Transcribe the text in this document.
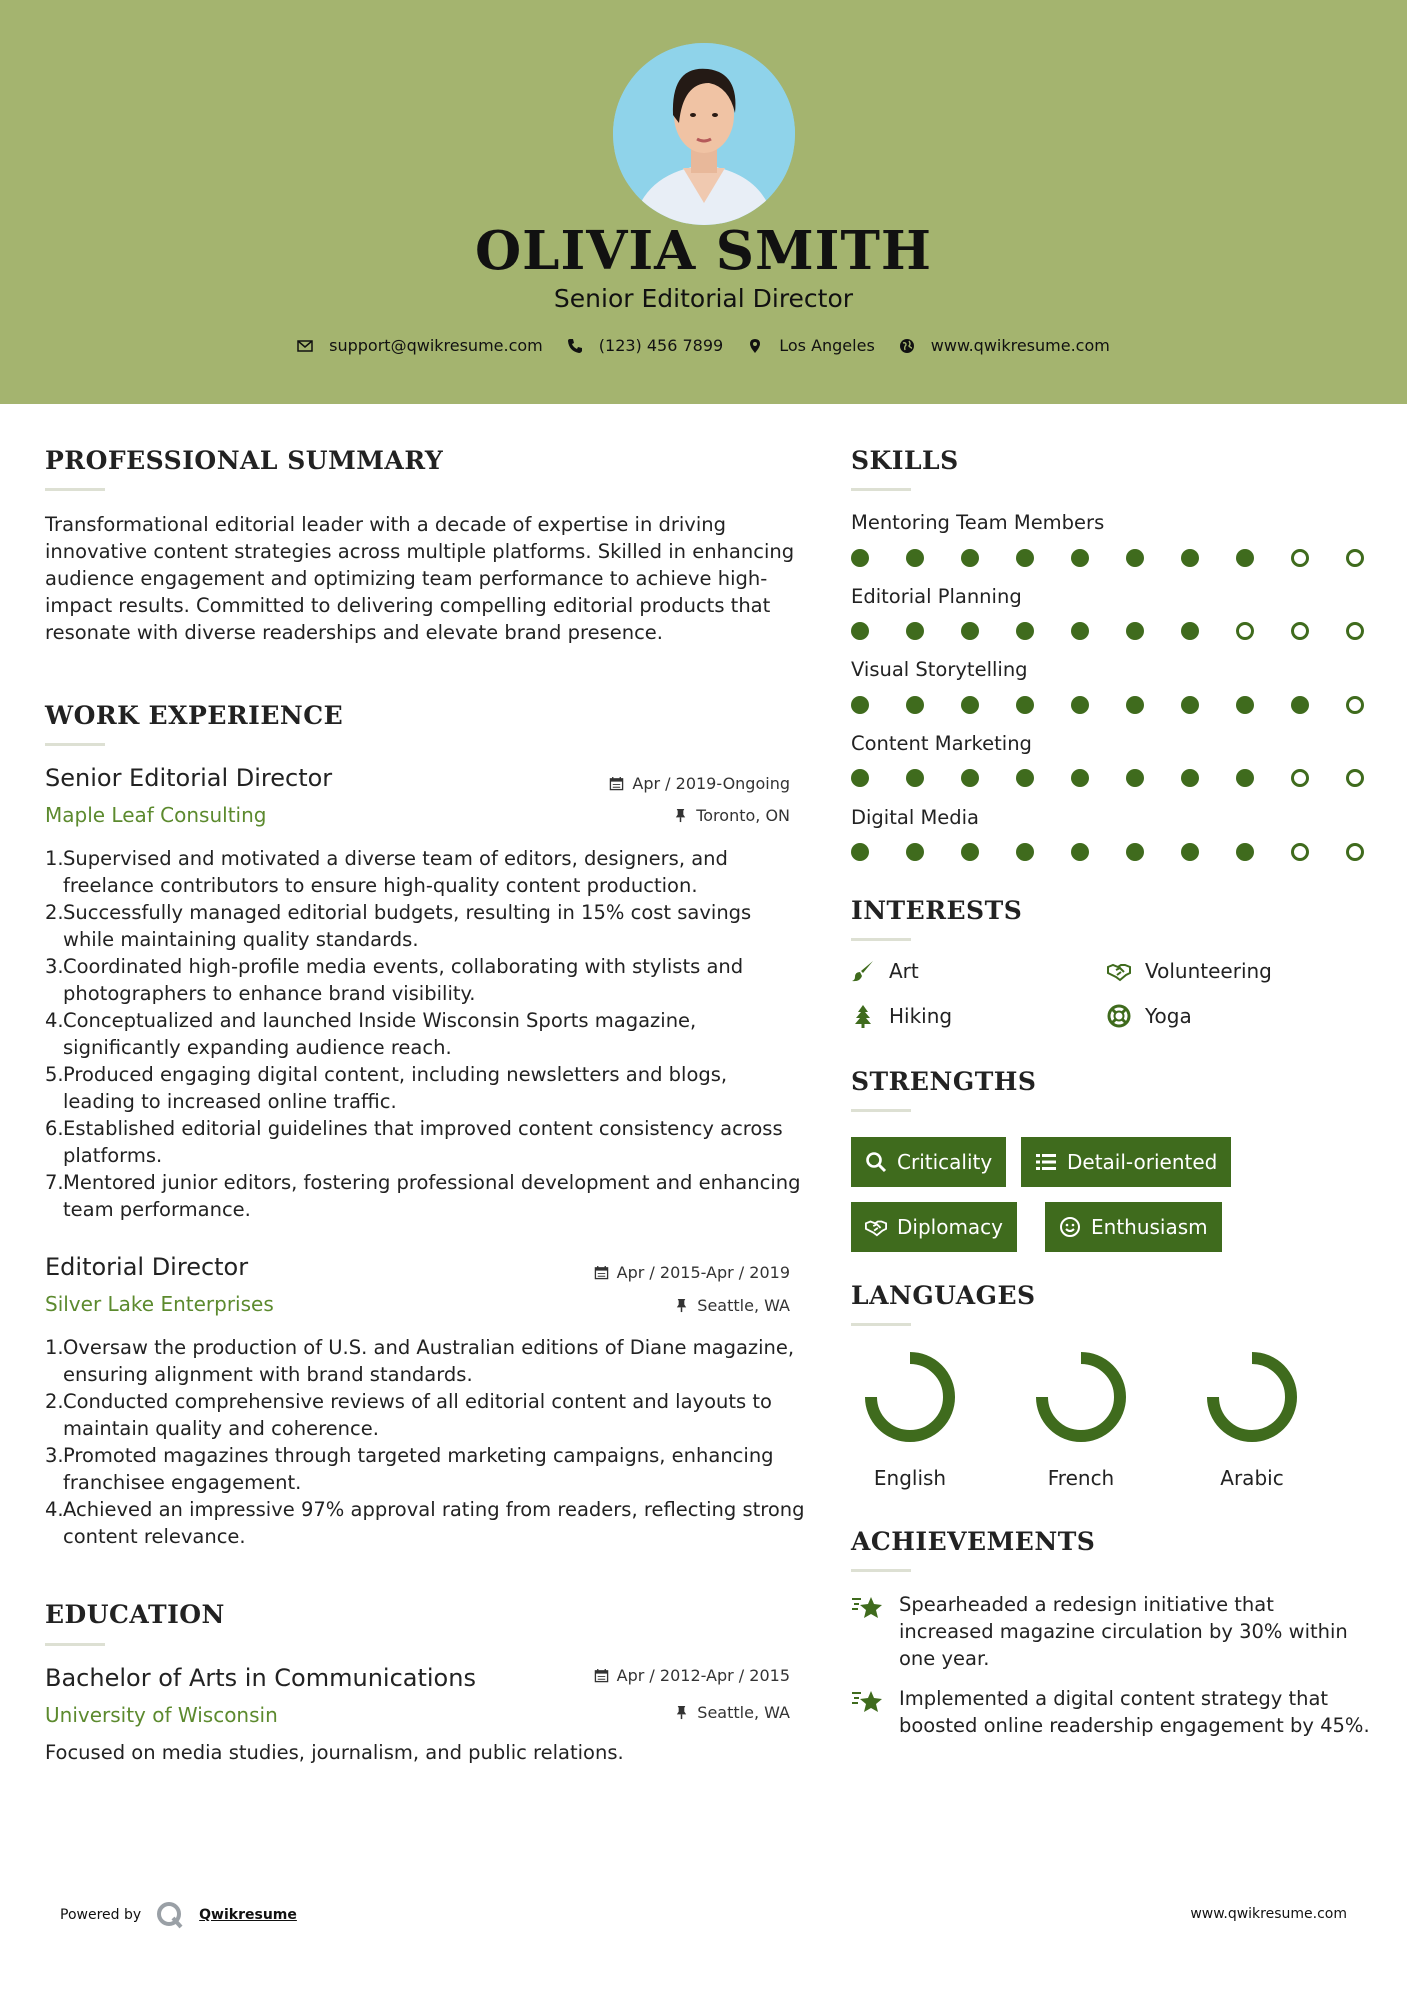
OLIVIA SMITH
Senior Editorial Director
support@qwikresume.com	(123) 456 7899	Los Angeles	www.qwikresume.com
PROFESSIONAL SUMMARY
Transformational editorial leader with a decade of expertise in driving innovative content strategies across multiple platforms. Skilled in enhancing audience engagement and optimizing team performance to achieve high-impact results. Committed to delivering compelling editorial products that resonate with diverse readerships and elevate brand presence.
WORK EXPERIENCE
Senior Editorial Director	Apr / 2019-Ongoing
Maple Leaf Consulting	Toronto, ON
1. Supervised and motivated a diverse team of editors, designers, and freelance contributors to ensure high-quality content production.
2. Successfully managed editorial budgets, resulting in 15% cost savings while maintaining quality standards.
3. Coordinated high-profile media events, collaborating with stylists and photographers to enhance brand visibility.
4. Conceptualized and launched Inside Wisconsin Sports magazine, significantly expanding audience reach.
5. Produced engaging digital content, including newsletters and blogs, leading to increased online traffic.
6. Established editorial guidelines that improved content consistency across platforms.
7. Mentored junior editors, fostering professional development and enhancing team performance.
Editorial Director	Apr / 2015-Apr / 2019
Silver Lake Enterprises	Seattle, WA
1. Oversaw the production of U.S. and Australian editions of Diane magazine, ensuring alignment with brand standards.
2. Conducted comprehensive reviews of all editorial content and layouts to maintain quality and coherence.
3. Promoted magazines through targeted marketing campaigns, enhancing franchisee engagement.
4. Achieved an impressive 97% approval rating from readers, reflecting strong content relevance.
EDUCATION
Bachelor of Arts in Communications	Apr / 2012-Apr / 2015
University of Wisconsin	Seattle, WA
Focused on media studies, journalism, and public relations.
SKILLS
Mentoring Team Members
Editorial Planning
Visual Storytelling
Content Marketing
Digital Media
INTERESTS
Art	Volunteering
Hiking	Yoga
STRENGTHS
Criticality	Detail-oriented
Diplomacy	Enthusiasm
LANGUAGES
English	French	Arabic
ACHIEVEMENTS
Spearheaded a redesign initiative that increased magazine circulation by 30% within one year.
Implemented a digital content strategy that boosted online readership engagement by 45%.
Powered by	Qwikresume	www.qwikresume.com
